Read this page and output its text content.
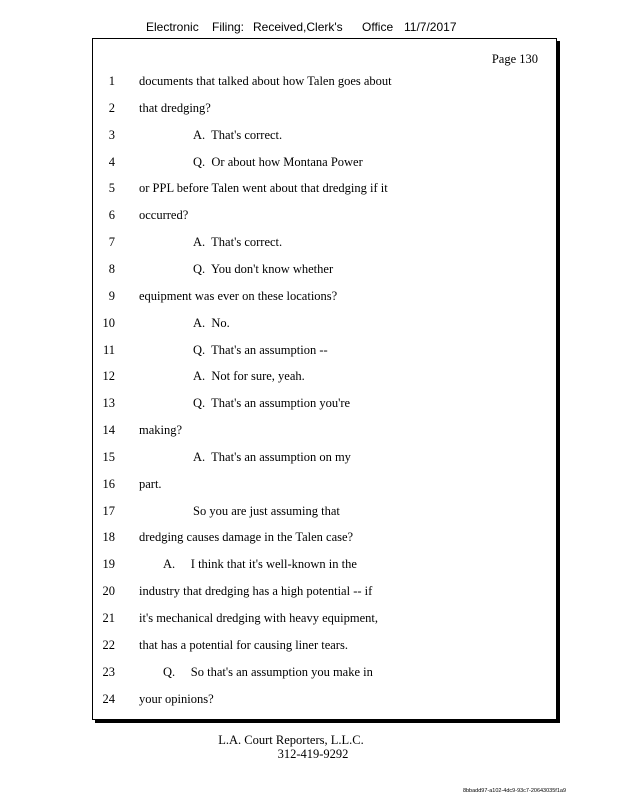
Electronic Filing: Received,Clerk's Office 11/7/2017
Page 130
1 documents that talked about how Talen goes about
2 that dredging?
3	A.  That's correct.
4	Q.  Or about how Montana Power
5 or PPL before Talen went about that dredging if it
6 occurred?
7	A.  That's correct.
8	Q.  You don't know whether
9 equipment was ever on these locations?
10	A.  No.
11	Q.  That's an assumption --
12	A.  Not for sure, yeah.
13	Q.  That's an assumption you're
14 making?
15	A.  That's an assumption on my
16 part.
17	So you are just assuming that
18 dredging causes damage in the Talen case?
19	A.     I think that it's well-known in the
20 industry that dredging has a high potential -- if
21 it's mechanical dredging with heavy equipment,
22 that has a potential for causing liner tears.
23	Q.     So that's an assumption you make in
24 your opinions?
L.A. Court Reporters, L.L.C.
312-419-9292
8bbadd97-a102-4dc9-93c7-20643035f1a9
